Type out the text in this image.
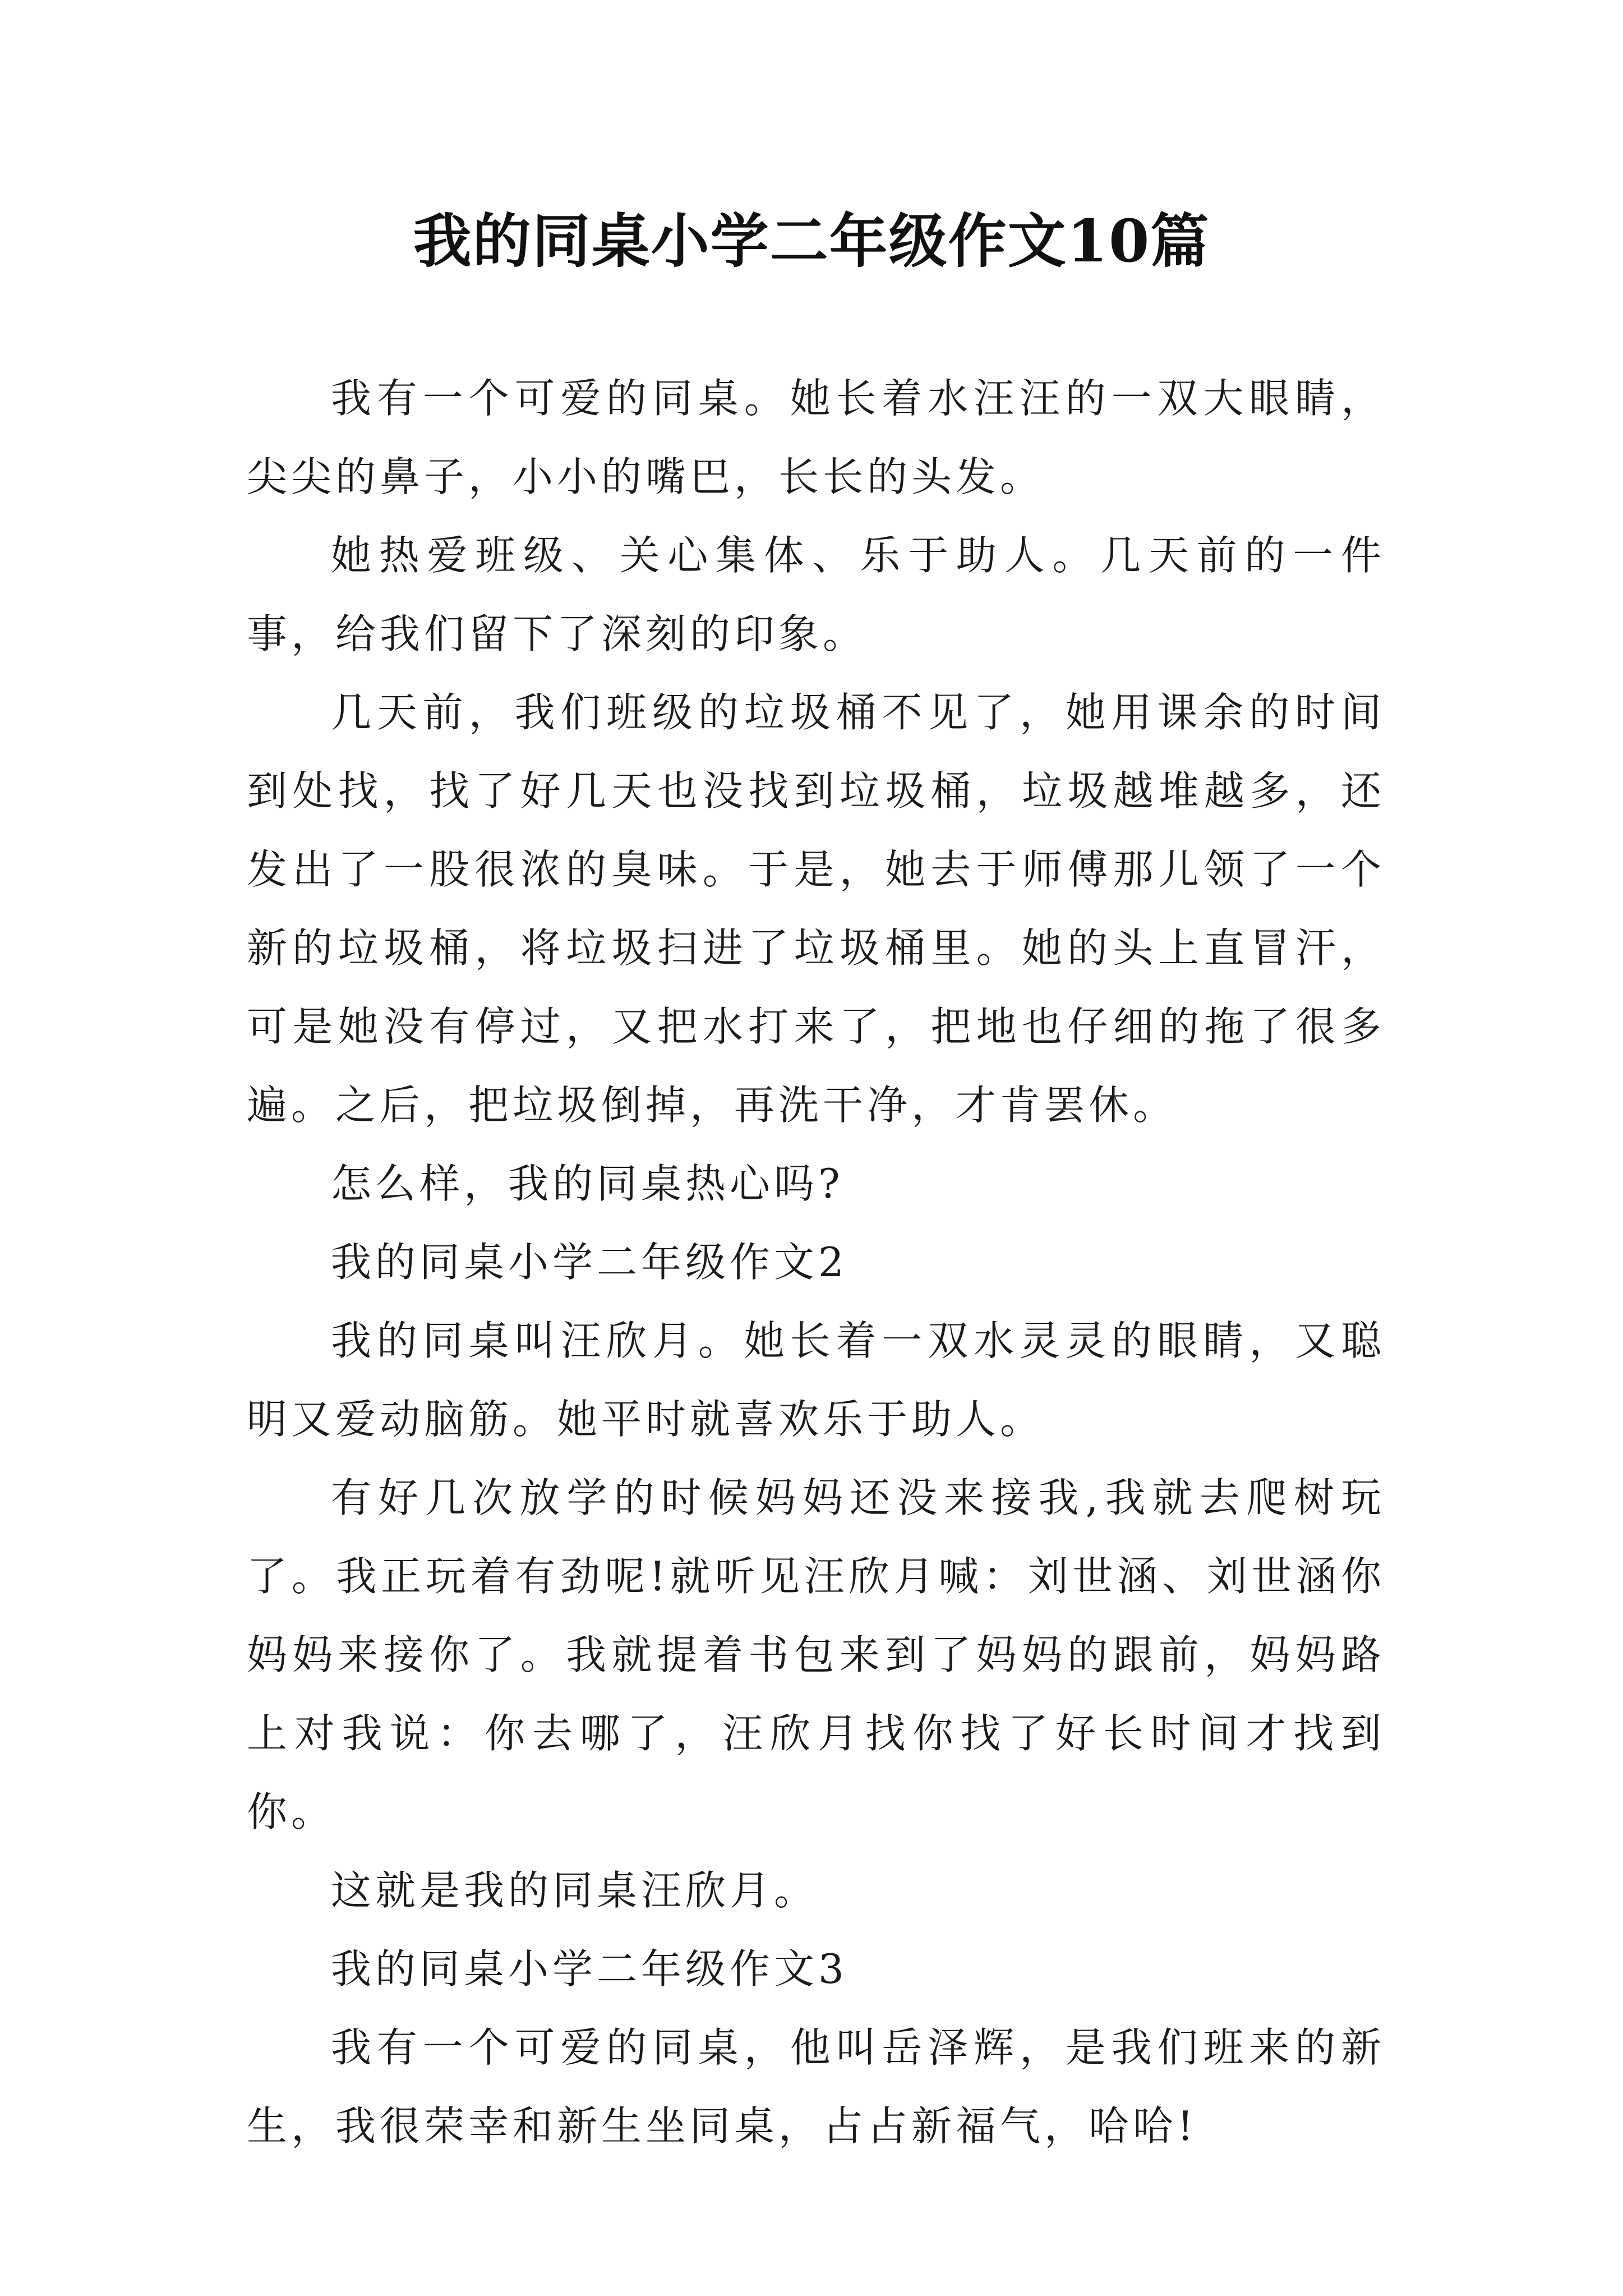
我的同桌小学二年级作文10篇

我有一个可爱的同桌。她长着水汪汪的一双大眼睛，尖尖的鼻子，小小的嘴巴，长长的头发。

她热爱班级、关心集体、乐于助人。几天前的一件事，给我们留下了深刻的印象。

几天前，我们班级的垃圾桶不见了，她用课余的时间到处找，找了好几天也没找到垃圾桶，垃圾越堆越多，还发出了一股很浓的臭味。于是，她去于师傅那儿领了一个新的垃圾桶，将垃圾扫进了垃圾桶里。她的头上直冒汗，可是她没有停过，又把水打来了，把地也仔细的拖了很多遍。之后，把垃圾倒掉，再洗干净，才肯罢休。

怎么样，我的同桌热心吗?

我的同桌小学二年级作文2

我的同桌叫汪欣月。她长着一双水灵灵的眼睛，又聪明又爱动脑筋。她平时就喜欢乐于助人。

有好几次放学的时候妈妈还没来接我,我就去爬树玩了。我正玩着有劲呢!就听见汪欣月喊：刘世涵、刘世涵你妈妈来接你了。我就提着书包来到了妈妈的跟前，妈妈路上对我说：你去哪了，汪欣月找你找了好长时间才找到你。

这就是我的同桌汪欣月。

我的同桌小学二年级作文3

我有一个可爱的同桌，他叫岳泽辉，是我们班来的新生，我很荣幸和新生坐同桌，占占新福气，哈哈!
